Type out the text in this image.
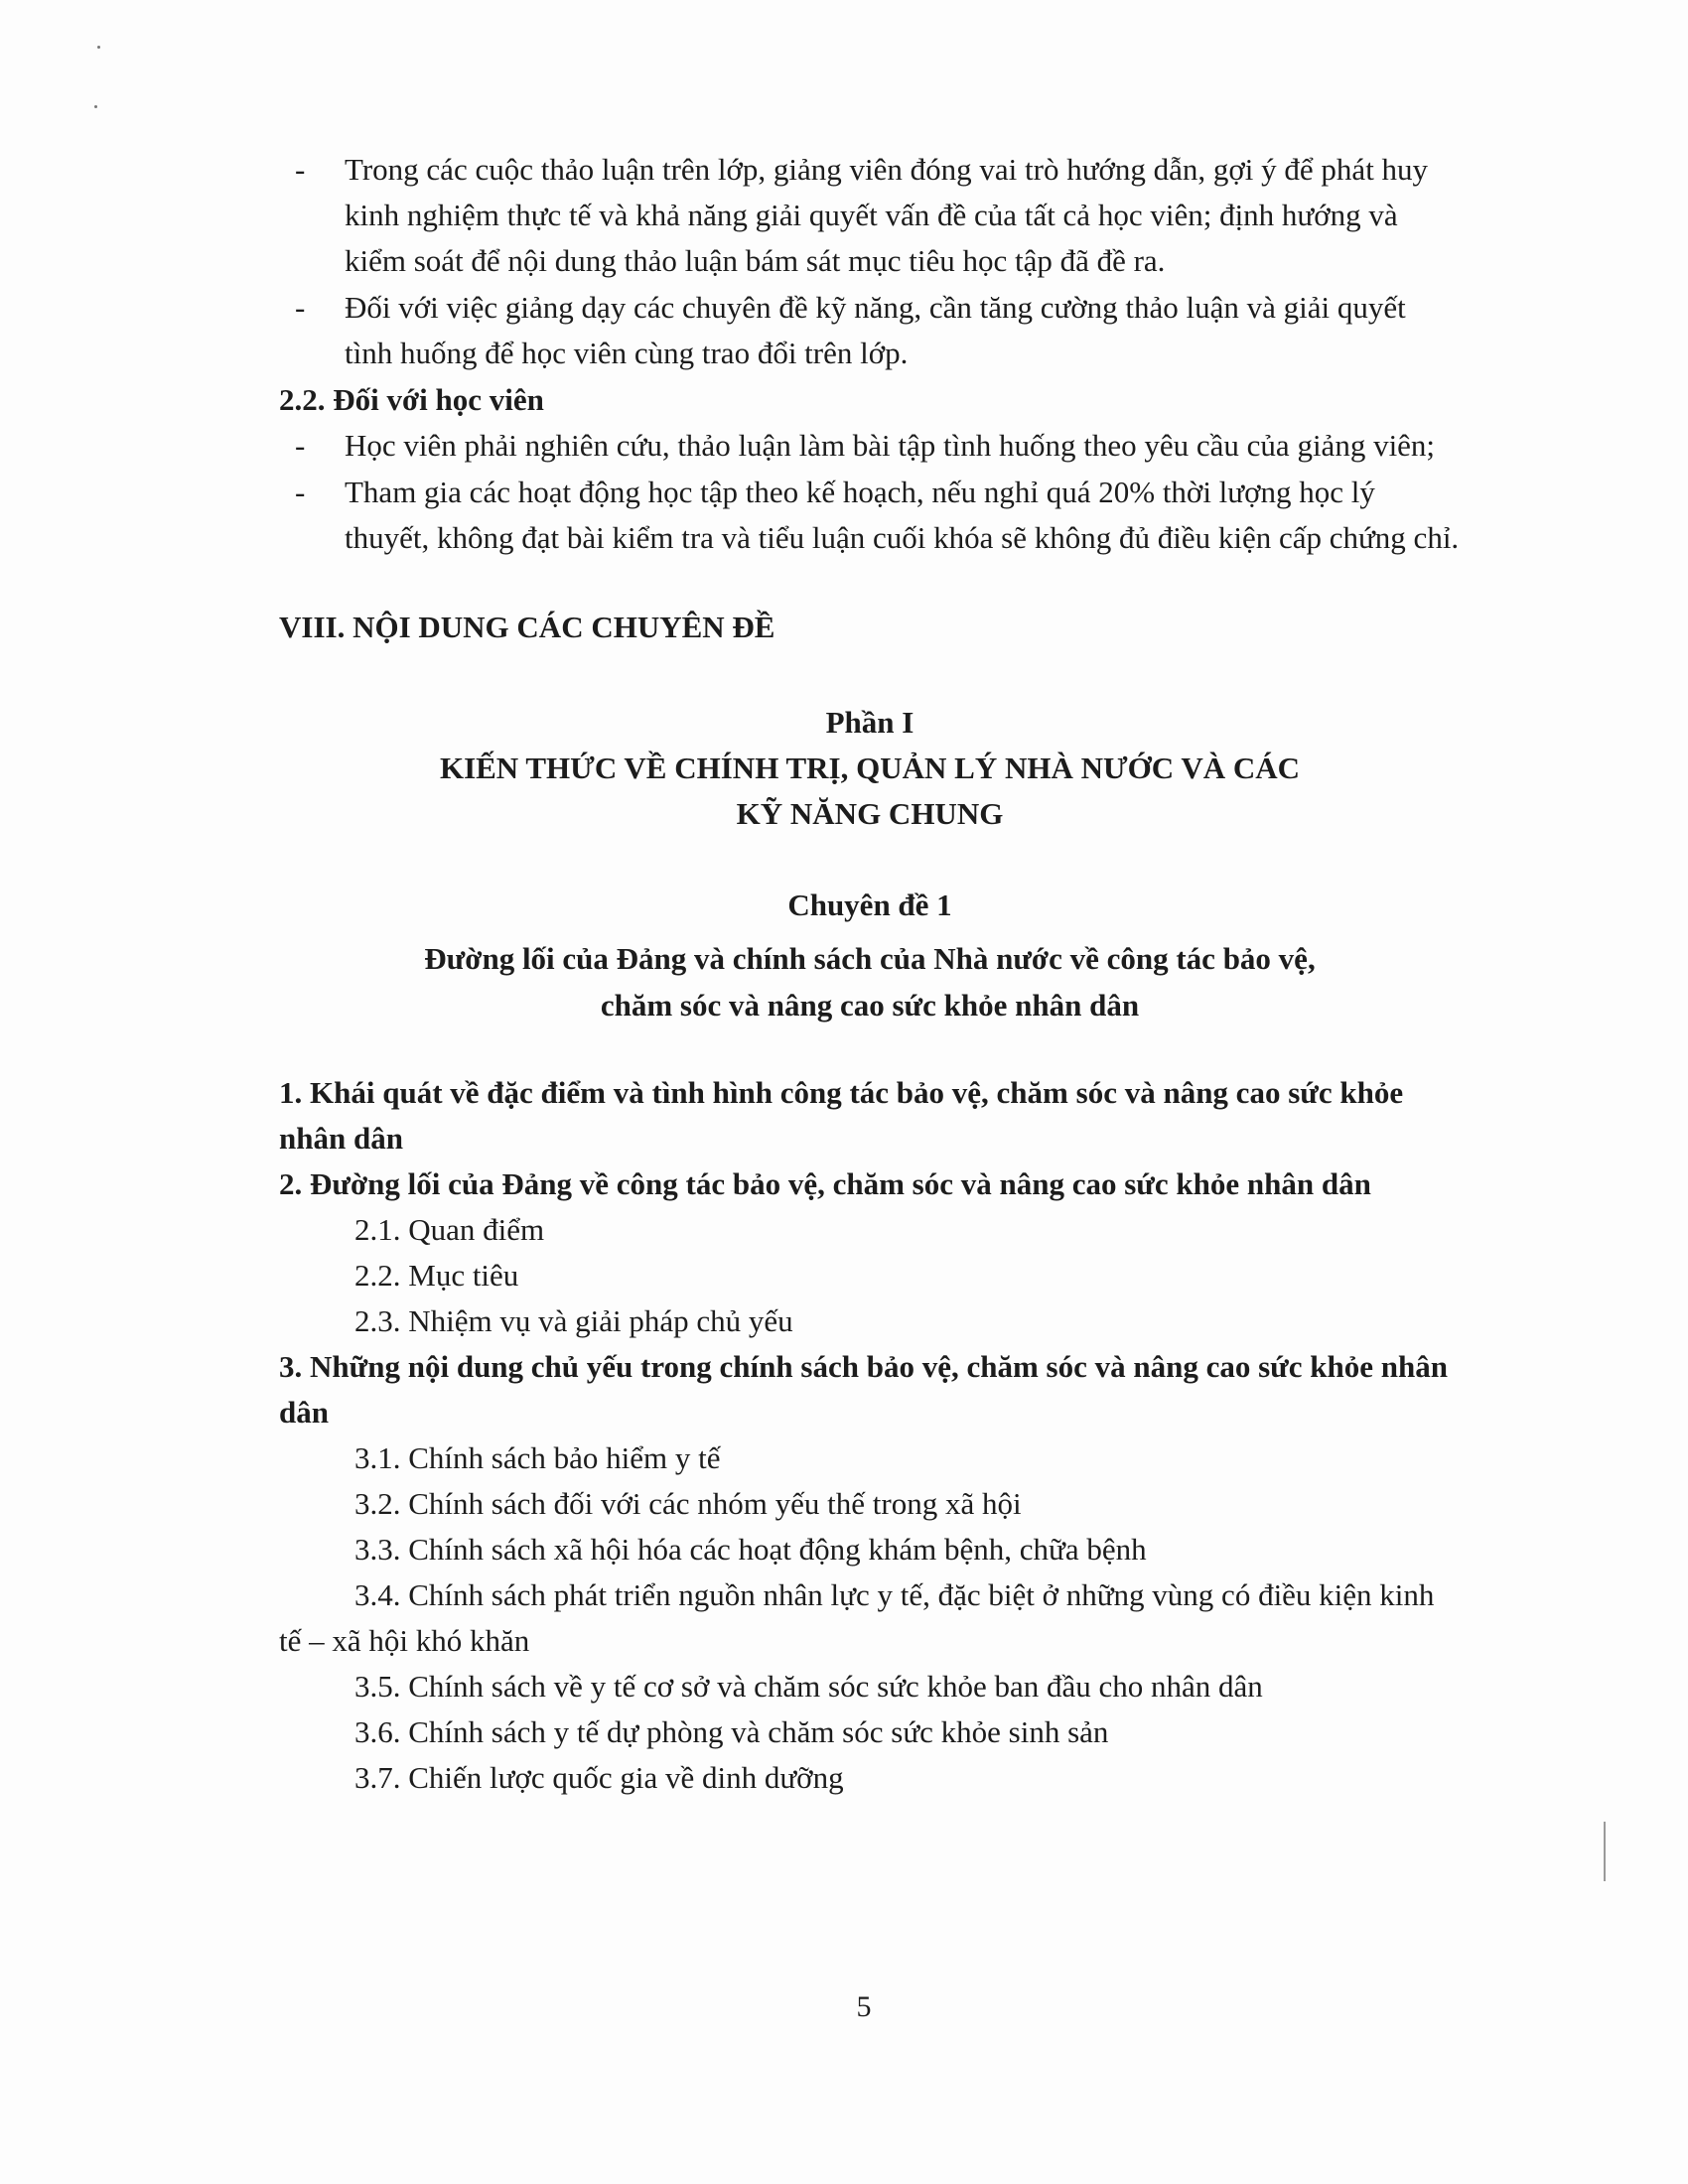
- Trong các cuộc thảo luận trên lớp, giảng viên đóng vai trò hướng dẫn, gợi ý để phát huy kinh nghiệm thực tế và khả năng giải quyết vấn đề của tất cả học viên; định hướng và kiểm soát để nội dung thảo luận bám sát mục tiêu học tập đã đề ra.

- Đối với việc giảng dạy các chuyên đề kỹ năng, cần tăng cường thảo luận và giải quyết tình huống để học viên cùng trao đổi trên lớp.

2.2. Đối với học viên

- Học viên phải nghiên cứu, thảo luận làm bài tập tình huống theo yêu cầu của giảng viên;

- Tham gia các hoạt động học tập theo kế hoạch, nếu nghỉ quá 20% thời lượng học lý thuyết, không đạt bài kiểm tra và tiểu luận cuối khóa sẽ không đủ điều kiện cấp chứng chỉ.

VIII. NỘI DUNG CÁC CHUYÊN ĐỀ

Phần I

KIẾN THỨC VỀ CHÍNH TRỊ, QUẢN LÝ NHÀ NƯỚC VÀ CÁC KỸ NĂNG CHUNG

Chuyên đề 1

Đường lối của Đảng và chính sách của Nhà nước về công tác bảo vệ,

chăm sóc và nâng cao sức khỏe nhân dân

1. Khái quát về đặc điểm và tình hình công tác bảo vệ, chăm sóc và nâng cao sức khỏe nhân dân

2. Đường lối của Đảng về công tác bảo vệ, chăm sóc và nâng cao sức khỏe nhân dân

2.1. Quan điểm

2.2. Mục tiêu

2.3. Nhiệm vụ và giải pháp chủ yếu

3. Những nội dung chủ yếu trong chính sách bảo vệ, chăm sóc và nâng cao sức khỏe nhân dân

3.1. Chính sách bảo hiểm y tế

3.2. Chính sách đối với các nhóm yếu thế trong xã hội

3.3. Chính sách xã hội hóa các hoạt động khám bệnh, chữa bệnh

3.4. Chính sách phát triển nguồn nhân lực y tế, đặc biệt ở những vùng có điều kiện kinh tế – xã hội khó khăn

3.5. Chính sách về y tế cơ sở và chăm sóc sức khỏe ban đầu cho nhân dân

3.6. Chính sách y tế dự phòng và chăm sóc sức khỏe sinh sản

3.7. Chiến lược quốc gia về dinh dưỡng

5
